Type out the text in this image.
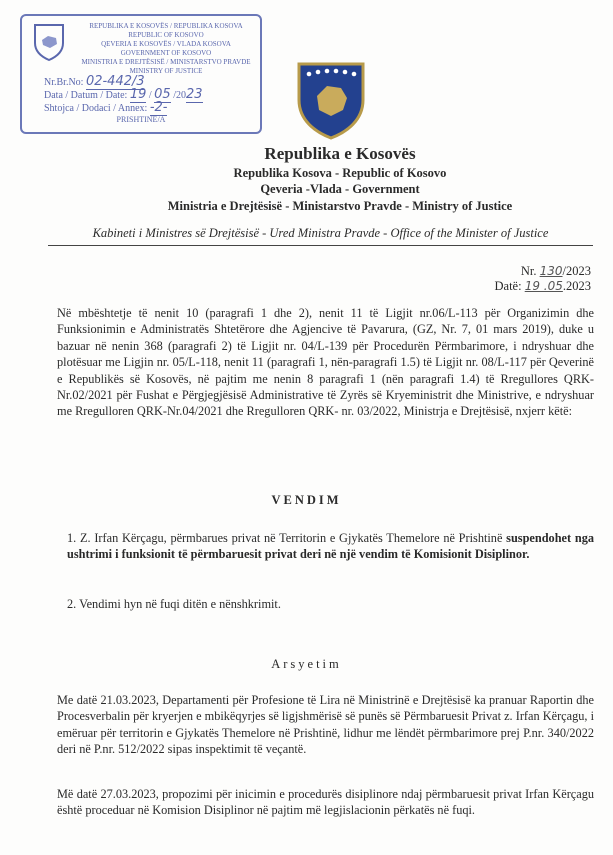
REPUBLIKA E KOSOVËS / REPUBLIKA KOSOVA
REPUBLIC OF KOSOVO
QEVERIA E KOSOVËS / VLADA KOSOVA
GOVERNMENT OF KOSOVO
MINISTRIA E DREJTËSISË / MINISTARSTVO PRAVDE
MINISTRY OF JUSTICE
Nr.Br.No: 02-442/3
Data / Datum / Date: 19 / 05 /2023
Shtojca / Dodaci / Annex: -2-
PRISHTINË/A
Republika e Kosovës
Republika Kosova - Republic of Kosovo
Qeveria -Vlada - Government
Ministria e Drejtësisë - Ministarstvo Pravde - Ministry of Justice
Kabineti i Ministres së Drejtësisë - Ured Ministra Pravde - Office of the Minister of Justice
Nr. 130/2023
Datë: 19 .05.2023
Në mbështetje të nenit 10 (paragrafi 1 dhe 2), nenit 11 të Ligjit nr.06/L-113 për Organizimin dhe Funksionimin e Administratës Shtetërore dhe Agjencive të Pavarura, (GZ, Nr. 7, 01 mars 2019), duke u bazuar në nenin 368 (paragrafi 2) të Ligjit nr. 04/L-139 për Procedurën Përmbarimore, i ndryshuar dhe plotësuar me Ligjin nr. 05/L-118, nenit 11 (paragrafi 1, nën-paragrafi 1.5) të Ligjit nr. 08/L-117 për Qeverinë e Republikës së Kosovës, në pajtim me nenin 8 paragrafi 1 (nën paragrafi 1.4) të Rregullores QRK-Nr.02/2021 për Fushat e Përgjegjësisë Administrative të Zyrës së Kryeministrit dhe Ministrive, e ndryshuar me Rregulloren QRK-Nr.04/2021 dhe Rregulloren QRK- nr. 03/2022, Ministrja e Drejtësisë, nxjerr këtë:
VENDIM
1. Z. Irfan Kërçagu, përmbarues privat në Territorin e Gjykatës Themelore në Prishtinë suspendohet nga ushtrimi i funksionit të përmbaruesit privat deri në një vendim të Komisionit Disiplinor.
2. Vendimi hyn në fuqi ditën e nënshkrimit.
Arsyetim
Me datë 21.03.2023, Departamenti për Profesione të Lira në Ministrinë e Drejtësisë ka pranuar Raportin dhe Procesverbalin për kryerjen e mbikëqyrjes së ligjshmërisë së punës së Përmbaruesit Privat z. Irfan Kërçagu, i emëruar për territorin e Gjykatës Themelore në Prishtinë, lidhur me lëndët përmbarimore prej P.nr. 340/2022 deri në P.nr. 512/2022 sipas inspektimit të veçantë.
Më datë 27.03.2023, propozimi për inicimin e procedurës disiplinore ndaj përmbaruesit privat Irfan Kërçagu është proceduar në Komision Disiplinor në pajtim më legjislacionin përkatës në fuqi.
